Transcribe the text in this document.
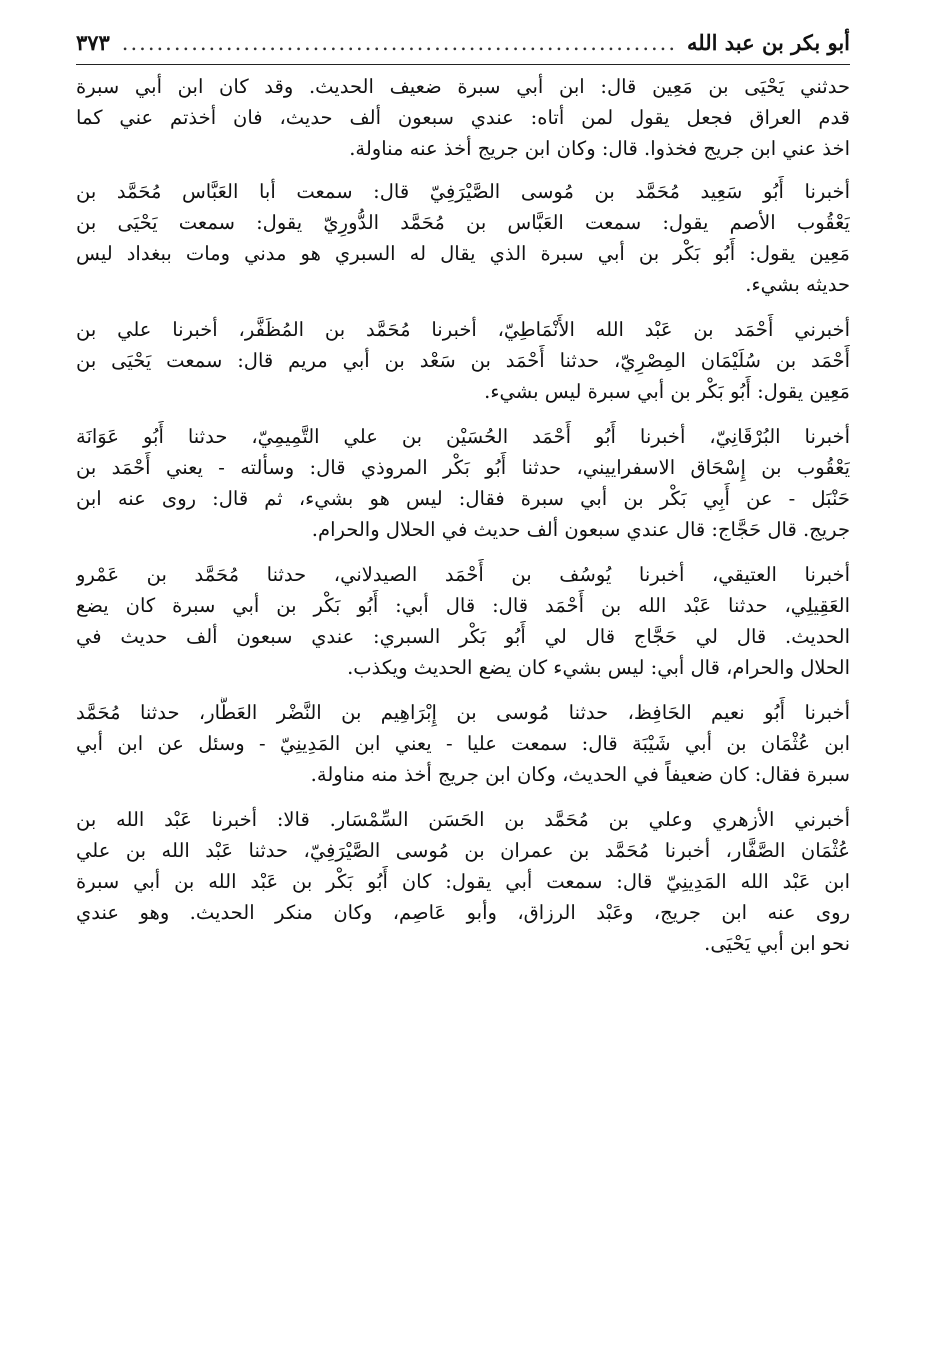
أبو بكر بن عبد الله
.....
٣٧٣
حدثني يَحْيَى بن مَعِين قال: ابن أبي سبرة ضعيف الحديث. وقد كان ابن أبي سبرة
قدم العراق فجعل يقول لمن أتاه: عندي سبعون ألف حديث، فان أخذتم عني كما
اخذ عني ابن جريج فخذوا. قال: وكان ابن جريج أخذ عنه مناولة.
أخبرنا أَبُو سَعِيد مُحَمَّد بن مُوسى الصَّيْرَفِيّ قال: سمعت أبا العَبَّاس مُحَمَّد بن
يَعْقُوب الأصم يقول: سمعت العَبَّاس بن مُحَمَّد الدُّورِيّ يقول: سمعت يَحْيَى بن
مَعِين يقول: أَبُو بَكْر بن أبي سبرة الذي يقال له السبري هو مدني ومات ببغداد ليس
حديثه بشيء.
أخبرني أَحْمَد بن عَبْد الله الأَنْمَاطِيّ، أخبرنا مُحَمَّد بن المُظَفَّر، أخبرنا علي بن
أَحْمَد بن سُلَيْمَان المِصْرِيّ، حدثنا أَحْمَد بن سَعْد بن أبي مريم قال: سمعت يَحْيَى بن
مَعِين يقول: أَبُو بَكْر بن أبي سبرة ليس بشيء.
أخبرنا البُرْقَانِيّ، أخبرنا أَبُو أَحْمَد الحُسَيْن بن علي التَّمِيمِيّ، حدثنا أَبُو عَوَانَة
يَعْقُوب بن إِسْحَاق الاسفراييني، حدثنا أَبُو بَكْر المروذي قال: وسألته - يعني أَحْمَد بن
حَنْبَل - عن أَبِي بَكْر بن أبي سبرة فقال: ليس هو بشيء، ثم قال: روى عنه ابن
جريج. قال حَجَّاج: قال عندي سبعون ألف حديث في الحلال والحرام.
أخبرنا العتيقي، أخبرنا يُوسُف بن أَحْمَد الصيدلاني، حدثنا مُحَمَّد بن عَمْرو
العَقِيلِي، حدثنا عَبْد الله بن أَحْمَد قال: قال أبي: أَبُو بَكْر بن أبي سبرة كان يضع
الحديث. قال لي حَجَّاج قال لي أَبُو بَكْر السبري: عندي سبعون ألف حديث في
الحلال والحرام، قال أبي: ليس بشيء كان يضع الحديث ويكذب.
أخبرنا أَبُو نعيم الحَافِظ، حدثنا مُوسى بن إِبْرَاهِيم بن النَّضْر العَطَّار، حدثنا مُحَمَّد
ابن عُثْمَان بن أبي شَيْبَة قال: سمعت عليا - يعني ابن المَدِينِيّ - وسئل عن ابن أبي
سبرة فقال: كان ضعيفاً في الحديث، وكان ابن جريج أخذ منه مناولة.
أخبرني الأزهري وعلي بن مُحَمَّد بن الحَسَن السِّمْسَار. قالا: أخبرنا عَبْد الله بن
عُثْمَان الصَّفَّار، أخبرنا مُحَمَّد بن عمران بن مُوسى الصَّيْرَفِيّ، حدثنا عَبْد الله بن علي
ابن عَبْد الله المَدِينِيّ قال: سمعت أبي يقول: كان أَبُو بَكْر بن عَبْد الله بن أبي سبرة
روى عنه ابن جريج، وعَبْد الرزاق، وأبو عَاصِم، وكان منكر الحديث. وهو عندي
نحو ابن أبي يَحْيَى.
